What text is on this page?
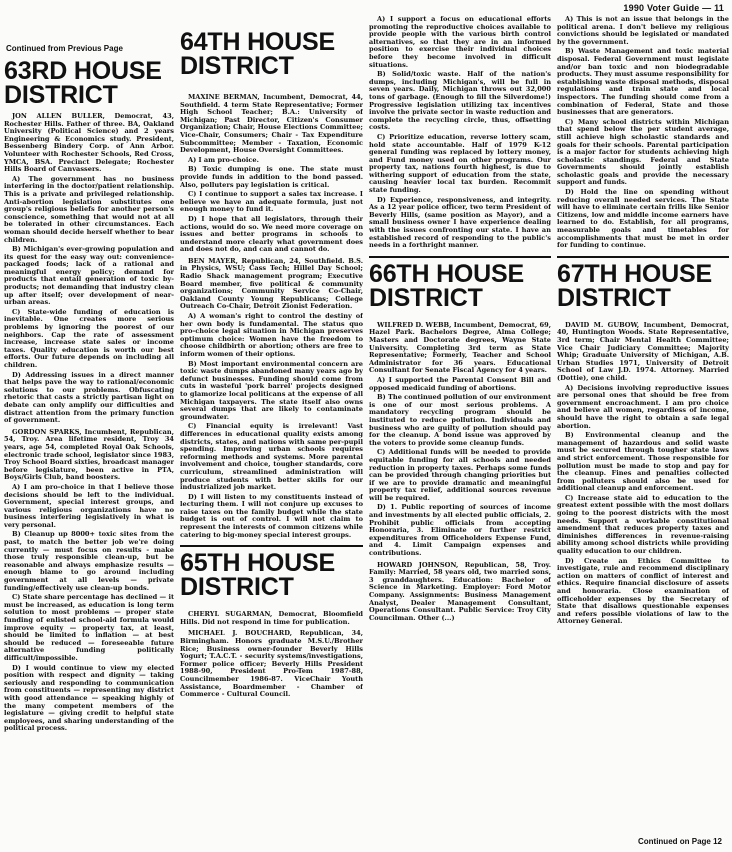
1990 Voter Guide — 11
Continued from Previous Page
63RD HOUSE DISTRICT

JON ALLEN BULLER, Democrat, 43, Rochester Hills. Father of three. BA, Oakland University (Political Science) and 2 years Engineering & Economics study. President, Bessenberg Bindery Corp. of Ann Arbor. Volunteer with Rochester Schools, Red Cross, YMCA, BSA. Precinct Delegate; Rochester Hills Board of Canvassers.

A) The government has no business interfering in the doctor/patient relationship. This is a private and privileged relationship. Anti-abortion legislation substitutes one group's religious beliefs for another person's conscience, something that would not at all be tolerated in other circumstances. Each woman should decide herself whether to bear children.

B) Michigan's ever-growing population and its quest for the easy way out: convenience-packaged foods; lack of a rational and meaningful energy policy; demand for products that entail generation of toxic by-products; not demanding that industry clean up after itself; over development of near-urban areas.

C) State-wide funding of education is inevitable. One creates more serious problems by ignoring the poorest of our neighbors. Cap the rate of assessment increase, increase state sales or income taxes. Quality education is worth our best efforts. Our future depends on including all children.

D) Addressing issues in a direct manner that helps pave the way to rational/economic solutions to our problems. Obfuscating rhetoric that casts a strictly partisan light on debate can only amplify our difficulties and distract attention from the primary function of government.

GORDON SPARKS, Incumbent, Republican, 54, Troy. Area lifetime resident, Troy 34 years, age 54, completed Royal Oak Schools, electronic trade school, legislator since 1983, Troy School Board sixties, broadcast manager before legislature, been active in PTA, Boys/Girls Club, band boosters.

A) I am pro-choice in that I believe those decisions should be left to the individual. Government, special interest groups, and various religious organizations have no business interfering legislatively in what is very personal.

B) Cleanup up 8000+ toxic sites from the past, to match the better job we're doing currently — must focus on results - make those truly responsible clean-up, but be reasonable and always emphasize results — enough blame to go around including government at all levels — private funding/effectively use clean-up bonds.

C) State share percentage has declined — it must be increased, as education is long term solution to most problems — proper state funding of enlisted school-aid formula would improve equity — property tax, at least, should be limited to inflation — at best should be reduced — foreseeable future alternative funding politically difficult/impossible.

D) I would continue to view my elected position with respect and dignity — taking seriously and responding to communication from constituents — representing my district with good attendance — speaking highly of the many competent members of the legislature — giving credit to helpful state employees, and sharing understanding of the political process.

64TH HOUSE DISTRICT

MAXINE BERMAN, Incumbent, Democrat, 44, Southfield. 4 term State Representative; Former High School Teacher; B.A.: University of Michigan; Past Director, Citizen's Consumer Organization; Chair, House Elections Committee; Vice-Chair, Consumers; Chair - Tax Expenditure Subcommittee; Member - Taxation, Economic Development, House Oversight Committees.

A) I am pro-choice.

B) Toxic dumping is one. The state must provide funds in addition to the bond passed. Also, polluters pay legislation is critical.

C) I continue to support a sales tax increase. I believe we have an adequate formula, just not enough money to fund it.

D) I hope that all legislators, through their actions, would do so. We need more coverage on issues and better programs in schools to understand more clearly what government does and does not do, and can and cannot do.

BEN MAYER, Republican, 24, Southfield. B.S. in Physics, WSU; Cass Tech; Hillel Day School; Radio Shack management program; Executive Board member, five political & community organizations; Community Service Co-Chair, Oakland County Young Republicans; College Outreach Co-Chair, Detroit Zionist Federation.

A) A woman's right to control the destiny of her own body is fundamental. The status quo pro-choice legal situation in Michigan preserves optimum choice: Women have the freedom to choose childbirth or abortion; others are free to inform women of their options.

B) Most important environmental concern are toxic waste dumps abandoned many years ago by defunct businesses. Funding should come from cuts in wasteful 'pork barrel' projects designed to glamorize local politicans at the expense of all Michigan taxpayers. The state itself also owns several dumps that are likely to contaminate groundwater.

C) Financial equity is irrelevant! Vast differences in educational quality exists among districts, states, and nations with same per-pupil spending. Improving urban schools requires reforming methods and systems. More parental involvement and choice, tougher standards, core curriculum, streamlined administration will produce students with better skills for our industrialized job market.

D) I will listen to my constituents instead of lecturing them. I will not conjure up excuses to raise taxes on the family budget while the state budget is out of control. I will not claim to represent the interests of common citizens while catering to big-money special interest groups.

65TH HOUSE DISTRICT

CHERYL SUGARMAN, Democrat, Bloomfield Hills. Did not respond in time for publication.

MICHAEL J. BOUCHARD, Republican, 34, Birmingham. Honors graduate M.S.U./Brother Rice; Business owner-founder Beverly Hills Yogurt; T.A.C.T. - security systems/investigations, Former police officer; Beverly Hills President 1988-90, President Pro-Tem 1987-88, Councilmember 1986-87. ViceChair Youth Assistance, Boardmember - Chamber of Commerce - Cultural Council.

A) I support a focus on educational efforts promoting the reproductive choices available to provide people with the various birth control alternatives, so that they are in an informed position to exercise their individual choices before they become involved in difficult situations.

B) Solid/toxic waste. Half of the nation's dumps, including Michigan's, will be full in seven years. Daily, Michigan throws out 32,000 tons of garbage. (Enough to fill the Silverdome!) Progressive legislation utilizing tax incentives involve the private sector in waste reduction and complete the recycling circle, thus, offsetting costs.

C) Prioritize education, reverse lottery scam, hold state accountable. Half of 1979 K-12 general funding was replaced by lottery money, and Fund money used on other programs. Our property tax, nations fourth highest, is due to withering support of education from the state, causing heavier local tax burden. Recommit state funding.

D) Experience, responsiveness, and integrity. As a 12 year police officer, two term President of Beverly Hills, (same position as Mayor), and a small business owner I have experience dealing with the issues confronting our state. I have an established record of responding to the public's needs in a forthright manner.

66TH HOUSE DISTRICT

WILFRED D. WEBB, Incumbent, Democrat, 69, Hazel Park. Bachelors Degree, Alma College; Masters and Doctorate degrees, Wayne State University. Completing 3rd term as State Representative; Formerly, Teacher and School Administrator for 36 years. Educational Consultant for Senate Fiscal Agency for 4 years.

A) I supported the Parental Consent Bill and opposed medicaid funding of abortions.

B) The continued pollution of our environment is one of our most serious problems. A mandatory recycling program should be instituted to reduce pollution. Individuals and business who are guilty of pollution should pay for the cleanup. A bond issue was approved by the voters to provide some cleanup funds.

C) Additional funds will be needed to provide equitable funding for all schools and needed reduction in property taxes. Perhaps some funds can be provided through changing priorities but if we are to provide dramatic and meaningful property tax relief, additional sources revenue will be required.

D) 1. Public reporting of sources of income and investments by all elected public officials, 2. Prohibit public officials from accepting Honoraria, 3. Eliminate or further restrict expenditures from Officeholders Expense Fund, and 4. Limit Campaign expenses and contributions.

HOWARD JOHNSON, Republican, 58, Troy. Family: Married, 58 years old, two married sons, 3 granddaughters. Education: Bachelor of Science in Marketing. Employer: Ford Motor Company. Assignments: Business Management Analyst, Dealer Management Consultant, Operations Consultant. Public Service: Troy City Councilman. Other (...)

A) This is not an issue that belongs in the political arena. I don't believe my religious convictions should be legislated or mandated by the government.

B) Waste Management and toxic material disposal. Federal Government must legislate and/or ban toxic and non biodegradable products. They must assume responsibility for establishing waste disposal methods, disposal regulations and train state and local inspectors. The funding should come from a combination of Federal, State and those businesses that are generators.

C) Many school districts within Michigan that spend below the per student average, still achieve high scholastic standards and goals for their schools. Parental participation is a major factor for students achieving high scholastic standings. Federal and State Governments should jointly establish scholastic goals and provide the necessary support and funds.

D) Hold the line on spending without reducing overall needed services. The State will have to eliminate certain frills like Senior Citizens, low and middle income earners have learned to do. Establish, for all programs, measurable goals and timetables for accomplishments that must be met in order for funding to continue.

67TH HOUSE DISTRICT

DAVID M. GUBOW, Incumbent, Democrat, 40, Huntington Woods. State Representative, 3rd term; Chair Mental Health Committee; Vice Chair Judiciary Committee; Majority Whip; Graduate University of Michigan, A.B. Urban Studies 1971, University of Detroit School of Law J.D. 1974. Attorney. Married (Dottie), one child.

A) Decisions involving reproductive issues are personal ones that should be free from government encroachment. I am pro choice and believe all women, regardless of income, should have the right to obtain a safe legal abortion.

B) Environmental cleanup and the management of hazardous and solid waste must be secured through tougher state laws and strict enforcement. Those responsible for pollution must be made to stop and pay for the cleanup. Fines and penalties collected from polluters should also be used for additional cleanup and enforcement.

C) Increase state aid to education to the greatest extent possible with the most dollars going to the poorest districts with the most needs. Support a workable constitutional amendment that reduces property taxes and diminishes differences in revenue-raising ability among school districts while providing quality education to our children.

D) Create an Ethics Committee to investigate, rule and recommend disciplinary action on matters of conflict of interest and ethics. Require financial disclosure of assets and honoraria. Close examination of officeholder expenses by the Secretary of State that disallows questionable expenses and refers possible violations of law to the Attorney General.

Continued on Page 12
